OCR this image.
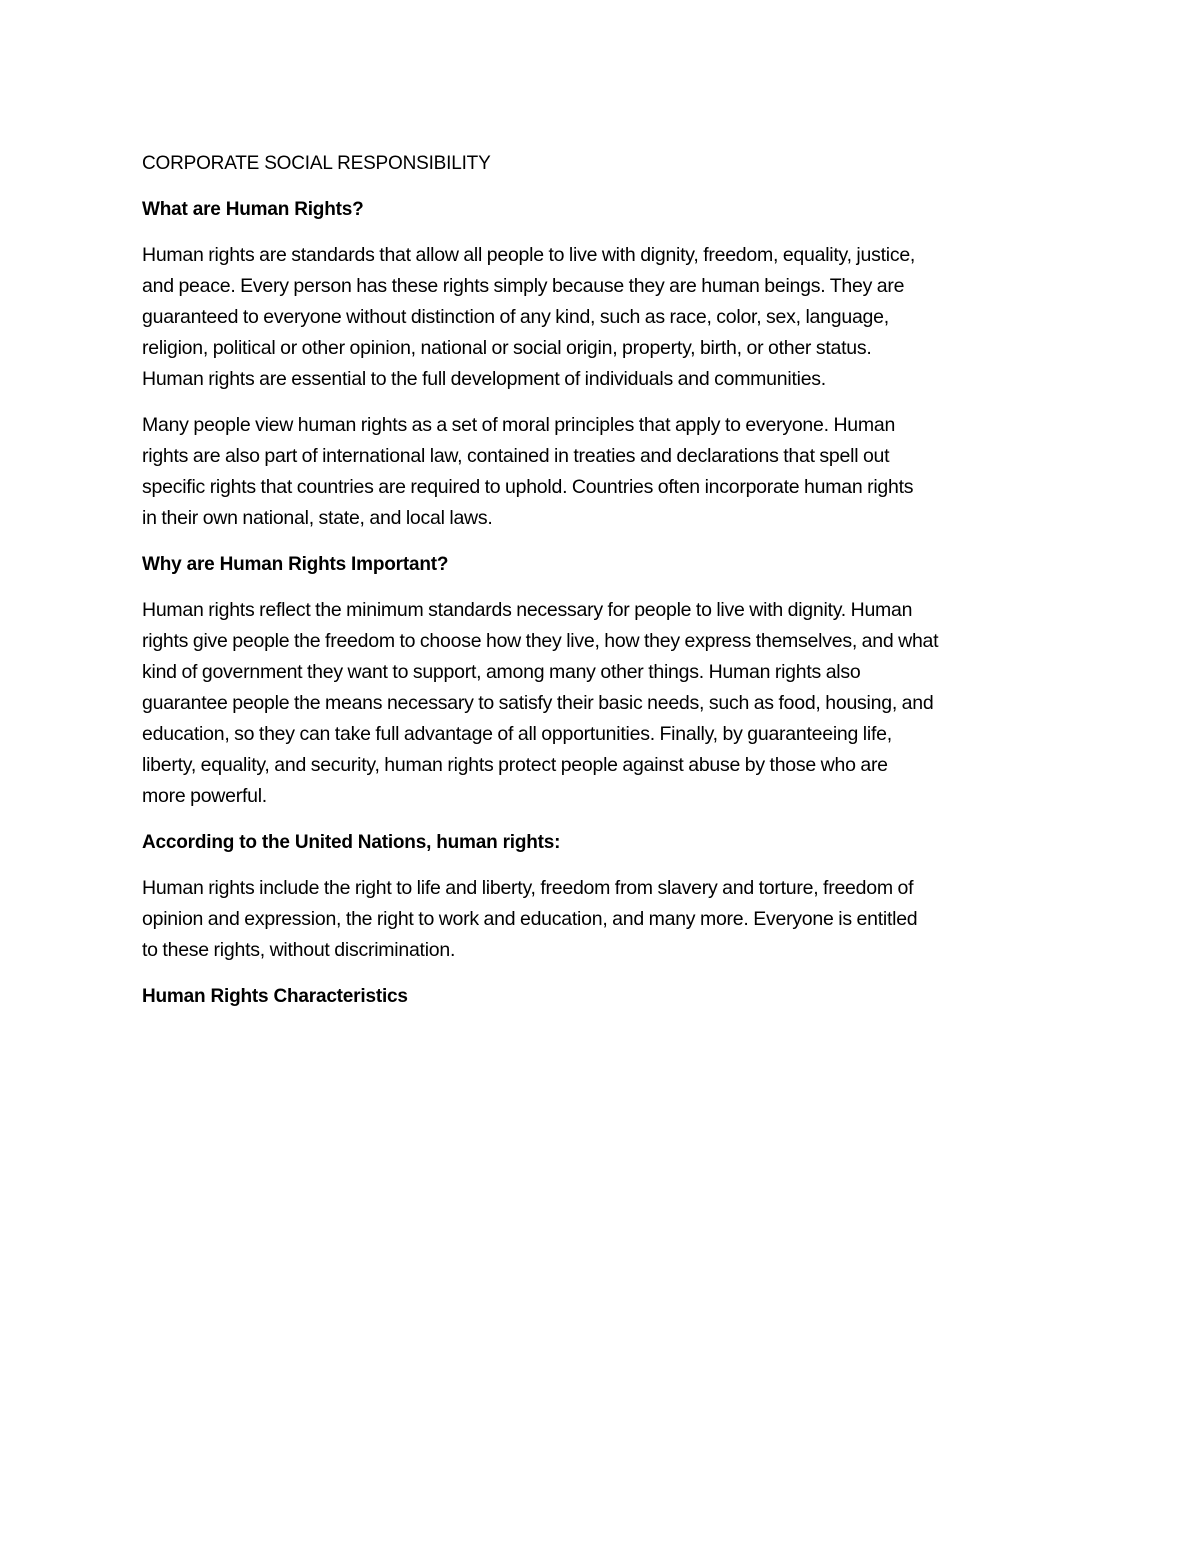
CORPORATE SOCIAL RESPONSIBILITY
What are Human Rights?
Human rights are standards that allow all people to live with dignity, freedom, equality, justice,
and peace. Every person has these rights simply because they are human beings. They are
guaranteed to everyone without distinction of any kind, such as race, color, sex, language,
religion, political or other opinion, national or social origin, property, birth, or other status.
Human rights are essential to the full development of individuals and communities.
Many people view human rights as a set of moral principles that apply to everyone. Human
rights are also part of international law, contained in treaties and declarations that spell out
specific rights that countries are required to uphold. Countries often incorporate human rights
in their own national, state, and local laws.
Why are Human Rights Important?
Human rights reflect the minimum standards necessary for people to live with dignity. Human
rights give people the freedom to choose how they live, how they express themselves, and what
kind of government they want to support, among many other things. Human rights also
guarantee people the means necessary to satisfy their basic needs, such as food, housing, and
education, so they can take full advantage of all opportunities. Finally, by guaranteeing life,
liberty, equality, and security, human rights protect people against abuse by those who are
more powerful.
According to the United Nations, human rights:
Human rights include the right to life and liberty, freedom from slavery and torture, freedom of
opinion and expression, the right to work and education, and many more. Everyone is entitled
to these rights, without discrimination.
Human Rights Characteristics
